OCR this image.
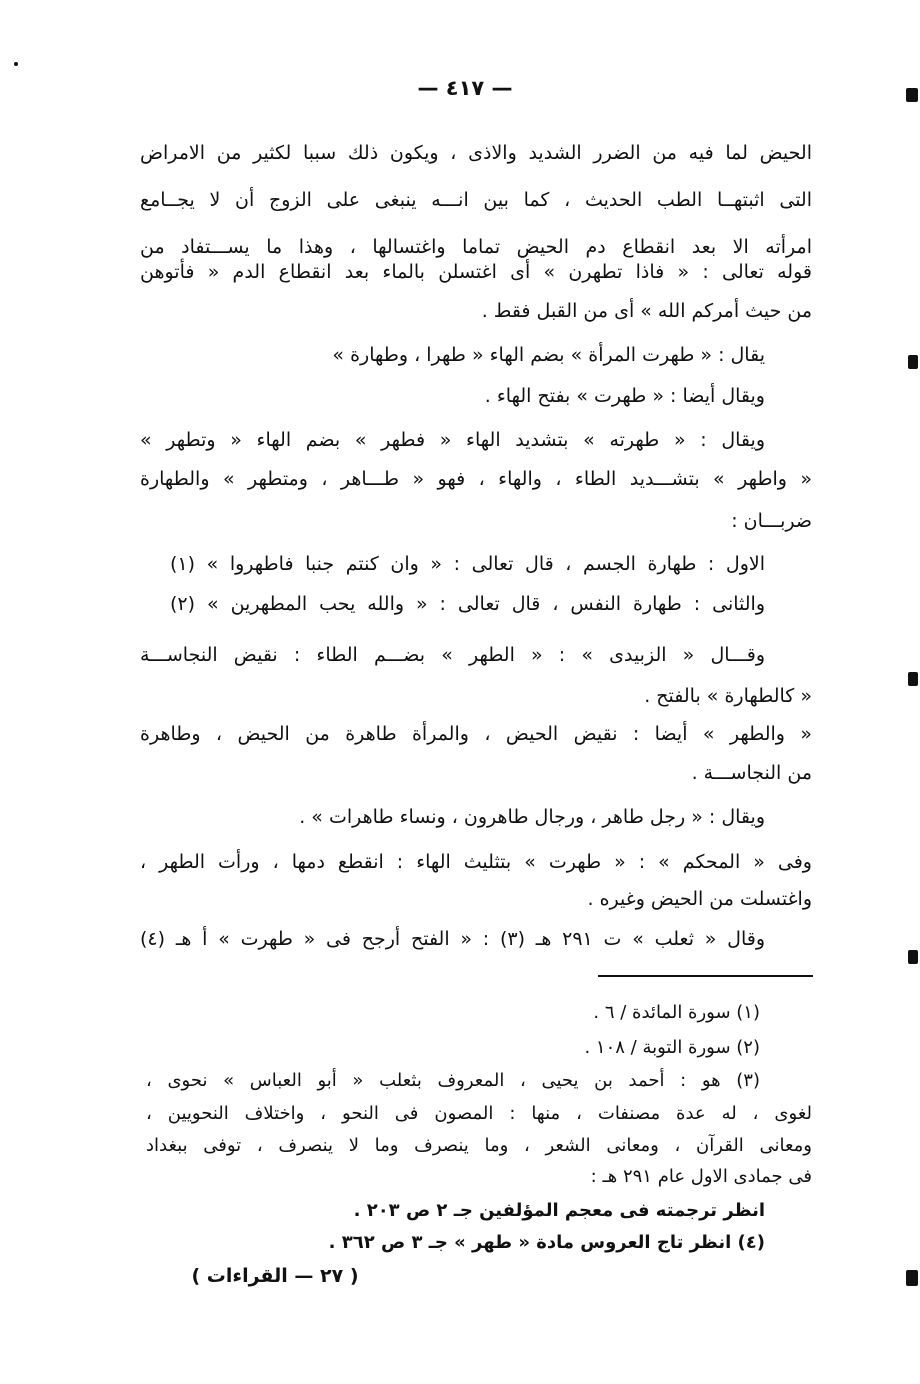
— ٤١٧ —
الحيض لما فيه من الضرر الشديد والاذى ، ويكون ذلك سببا لكثير من الامراض
التى اثبتهــا الطب الحديث ، كما بين انـــه ينبغى على الزوج أن لا يجــامع
امرأته الا بعد انقطاع دم الحيض تماما واغتسالها ، وهذا ما يســـتفاد من
قوله تعالى : « فاذا تطهرن » أى اغتسلن بالماء بعد انقطاع الدم « فأتوهن
من حيث أمركم الله » أى من القبل فقط .
يقال : « طهرت المرأة » بضم الهاء « طهرا ، وطهارة »
ويقال أيضا : « طهرت » بفتح الهاء .
ويقال : « طهرته » بتشديد الهاء « فطهر » بضم الهاء « وتطهر »
« واطهر » بتشـــديد الطاء ، والهاء ، فهو « طـــاهر ، ومتطهر » والطهارة
ضربـــان :
الاول : طهارة الجسم ، قال تعالى : « وان كنتم جنبا فاطهروا » (١)
والثانى : طهارة النفس ، قال تعالى : « والله يحب المطهرين » (٢)
وقـــال « الزبيدى » : « الطهر » بضـــم الطاء : نقيض النجاســـة
« كالطهارة » بالفتح .
« والطهر » أيضا : نقيض الحيض ، والمرأة طاهرة من الحيض ، وطاهرة
من النجاســـة .
ويقال : « رجل طاهر ، ورجال طاهرون ، ونساء طاهرات » .
وفى « المحكم » : « طهرت » بتثليث الهاء : انقطع دمها ، ورأت الطهر ،
واغتسلت من الحيض وغيره .
وقال « ثعلب » ت ٢٩١ هـ (٣) : « الفتح أرجح فى « طهرت » أ هـ (٤)
(١) سورة المائدة / ٦ .
(٢) سورة التوبة / ١٠٨ .
(٣) هو : أحمد بن يحيى ، المعروف بثعلب « أبو العباس » نحوى ،
لغوى ، له عدة مصنفات ، منها : المصون فى النحو ، واختلاف النحويين ،
ومعانى القرآن ، ومعانى الشعر ، وما ينصرف وما لا ينصرف ، توفى ببغداد
فى جمادى الاول عام ٢٩١ هـ :
انظر ترجمته فى معجم المؤلفين جـ ٢ ص ٢٠٣ .
(٤) انظر تاج العروس مادة « طهر » جـ ٣ ص ٣٦٢ .
( ٢٧ — القراءات )
